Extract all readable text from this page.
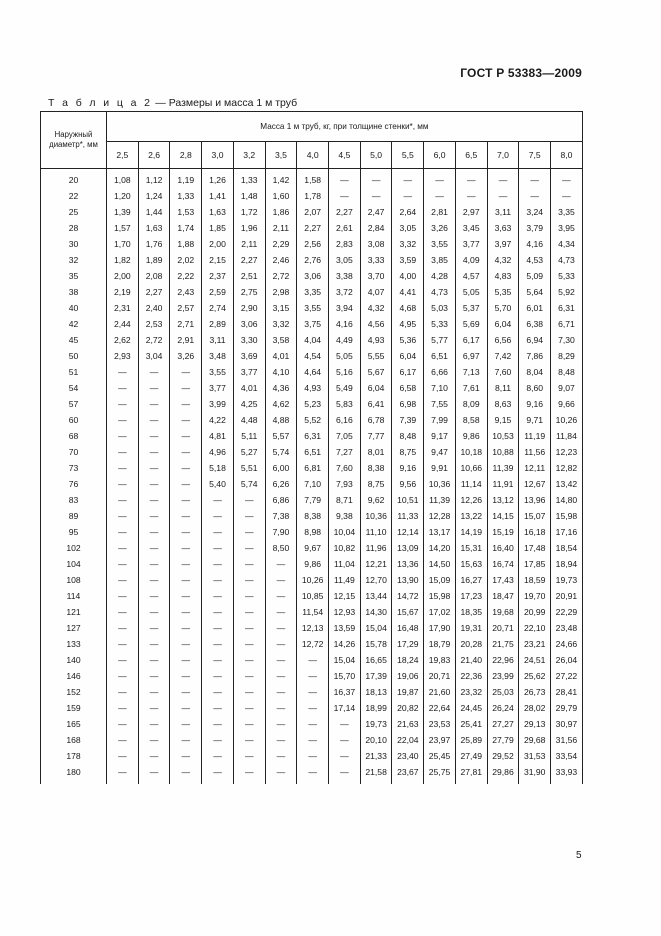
ГОСТ Р 53383—2009
Т а б л и ц а 2 — Размеры и масса 1 м труб
Наружный диаметр*, мм	Масса 1 м труб, кг, при толщине стенки*, мм														
	2,5	2,6	2,8	3,0	3,2	3,5	4,0	4,5	5,0	5,5	6,0	6,5	7,0	7,5	8,0
20	1,08	1,12	1,19	1,26	1,33	1,42	1,58	—	—	—	—	—	—	—	—
22	1,20	1,24	1,33	1,41	1,48	1,60	1,78	—	—	—	—	—	—	—	—
25	1,39	1,44	1,53	1,63	1,72	1,86	2,07	2,27	2,47	2,64	2,81	2,97	3,11	3,24	3,35
28	1,57	1,63	1,74	1,85	1,96	2,11	2,27	2,61	2,84	3,05	3,26	3,45	3,63	3,79	3,95
30	1,70	1,76	1,88	2,00	2,11	2,29	2,56	2,83	3,08	3,32	3,55	3,77	3,97	4,16	4,34
32	1,82	1,89	2,02	2,15	2,27	2,46	2,76	3,05	3,33	3,59	3,85	4,09	4,32	4,53	4,73
35	2,00	2,08	2,22	2,37	2,51	2,72	3,06	3,38	3,70	4,00	4,28	4,57	4,83	5,09	5,33
38	2,19	2,27	2,43	2,59	2,75	2,98	3,35	3,72	4,07	4,41	4,73	5,05	5,35	5,64	5,92
40	2,31	2,40	2,57	2,74	2,90	3,15	3,55	3,94	4,32	4,68	5,03	5,37	5,70	6,01	6,31
42	2,44	2,53	2,71	2,89	3,06	3,32	3,75	4,16	4,56	4,95	5,33	5,69	6,04	6,38	6,71
45	2,62	2,72	2,91	3,11	3,30	3,58	4,04	4,49	4,93	5,36	5,77	6,17	6,56	6,94	7,30
50	2,93	3,04	3,26	3,48	3,69	4,01	4,54	5,05	5,55	6,04	6,51	6,97	7,42	7,86	8,29
51	—	—	—	3,55	3,77	4,10	4,64	5,16	5,67	6,17	6,66	7,13	7,60	8,04	8,48
54	—	—	—	3,77	4,01	4,36	4,93	5,49	6,04	6,58	7,10	7,61	8,11	8,60	9,07
57	—	—	—	3,99	4,25	4,62	5,23	5,83	6,41	6,98	7,55	8,09	8,63	9,16	9,66
60	—	—	—	4,22	4,48	4,88	5,52	6,16	6,78	7,39	7,99	8,58	9,15	9,71	10,26
68	—	—	—	4,81	5,11	5,57	6,31	7,05	7,77	8,48	9,17	9,86	10,53	11,19	11,84
70	—	—	—	4,96	5,27	5,74	6,51	7,27	8,01	8,75	9,47	10,18	10,88	11,56	12,23
73	—	—	—	5,18	5,51	6,00	6,81	7,60	8,38	9,16	9,91	10,66	11,39	12,11	12,82
76	—	—	—	5,40	5,74	6,26	7,10	7,93	8,75	9,56	10,36	11,14	11,91	12,67	13,42
83	—	—	—	—	—	6,86	7,79	8,71	9,62	10,51	11,39	12,26	13,12	13,96	14,80
89	—	—	—	—	—	7,38	8,38	9,38	10,36	11,33	12,28	13,22	14,15	15,07	15,98
95	—	—	—	—	—	7,90	8,98	10,04	11,10	12,14	13,17	14,19	15,19	16,18	17,16
102	—	—	—	—	—	8,50	9,67	10,82	11,96	13,09	14,20	15,31	16,40	17,48	18,54
104	—	—	—	—	—	—	9,86	11,04	12,21	13,36	14,50	15,63	16,74	17,85	18,94
108	—	—	—	—	—	—	10,26	11,49	12,70	13,90	15,09	16,27	17,43	18,59	19,73
114	—	—	—	—	—	—	10,85	12,15	13,44	14,72	15,98	17,23	18,47	19,70	20,91
121	—	—	—	—	—	—	11,54	12,93	14,30	15,67	17,02	18,35	19,68	20,99	22,29
127	—	—	—	—	—	—	12,13	13,59	15,04	16,48	17,90	19,31	20,71	22,10	23,48
133	—	—	—	—	—	—	12,72	14,26	15,78	17,29	18,79	20,28	21,75	23,21	24,66
140	—	—	—	—	—	—	—	15,04	16,65	18,24	19,83	21,40	22,96	24,51	26,04
146	—	—	—	—	—	—	—	15,70	17,39	19,06	20,71	22,36	23,99	25,62	27,22
152	—	—	—	—	—	—	—	16,37	18,13	19,87	21,60	23,32	25,03	26,73	28,41
159	—	—	—	—	—	—	—	17,14	18,99	20,82	22,64	24,45	26,24	28,02	29,79
165	—	—	—	—	—	—	—	—	19,73	21,63	23,53	25,41	27,27	29,13	30,97
168	—	—	—	—	—	—	—	—	20,10	22,04	23,97	25,89	27,79	29,68	31,56
178	—	—	—	—	—	—	—	—	21,33	23,40	25,45	27,49	29,52	31,53	33,54
180	—	—	—	—	—	—	—	—	21,58	23,67	25,75	27,81	29,86	31,90	33,93
5
